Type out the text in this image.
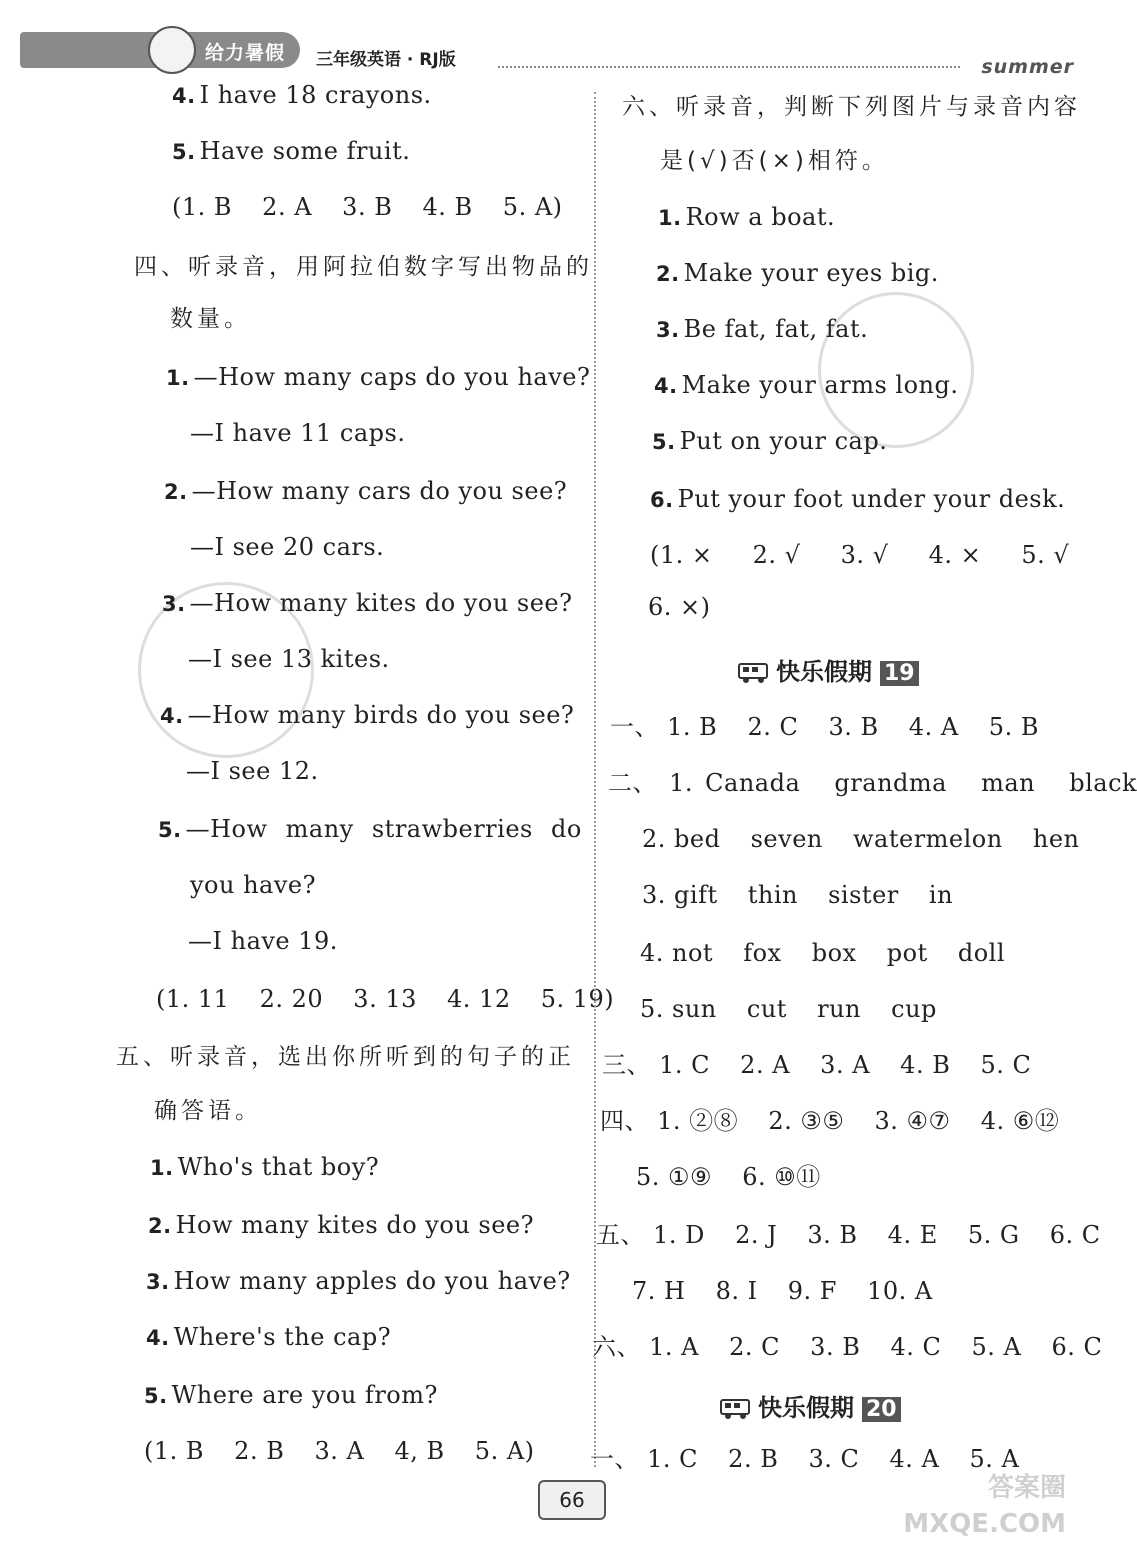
给力暑假 三年级英语 · RJ版	summer
4. I have 18 crayons.
5. Have some fruit.
(1. B 2. A 3. B 4. B 5. A)
四、听录音，用阿拉伯数字写出物品的
数量。
1. —How many caps do you have?
—I have 11 caps.
2. —How many cars do you see?
—I see 20 cars.
3. —How many kites do you see?
—I see 13 kites.
4. —How many birds do you see?
—I see 12.
5. —How many strawberries do
you have?
—I have 19.
(1. 11 2. 20 3. 13 4. 12 5. 19)
五、听录音，选出你所听到的句子的正
确答语。
1. Who's that boy?
2. How many kites do you see?
3. How many apples do you have?
4. Where's the cap?
5. Where are you from?
(1. B 2. B 3. A 4, B 5. A)
六、听录音，判断下列图片与录音内容
是(√)否(×)相符。
1. Row a boat.
2. Make your eyes big.
3. Be fat, fat, fat.
4. Make your arms long.
5. Put on your cap.
6. Put your foot under your desk.
(1. × 2. √ 3. √ 4. × 5. √
6. ×)
快乐假期 19
一、 1. B 2. C 3. B 4. A 5. B
二、 1. Canada grandma man black
2. bed seven watermelon hen
3. gift thin sister in
4. not fox box pot doll
5. sun cut run cup
三、 1. C 2. A 3. A 4. B 5. C
四、 1. ②⑧ 2. ③⑤ 3. ④⑦ 4. ⑥⑫
5. ①⑨ 6. ⑩⑪
五、 1. D 2. J 3. B 4. E 5. G 6. C
7. H 8. I 9. F 10. A
六、 1. A 2. C 3. B 4. C 5. A 6. C
快乐假期 20
一、 1. C 2. B 3. C 4. A 5. A
66	答案圈
MXQE.COM
